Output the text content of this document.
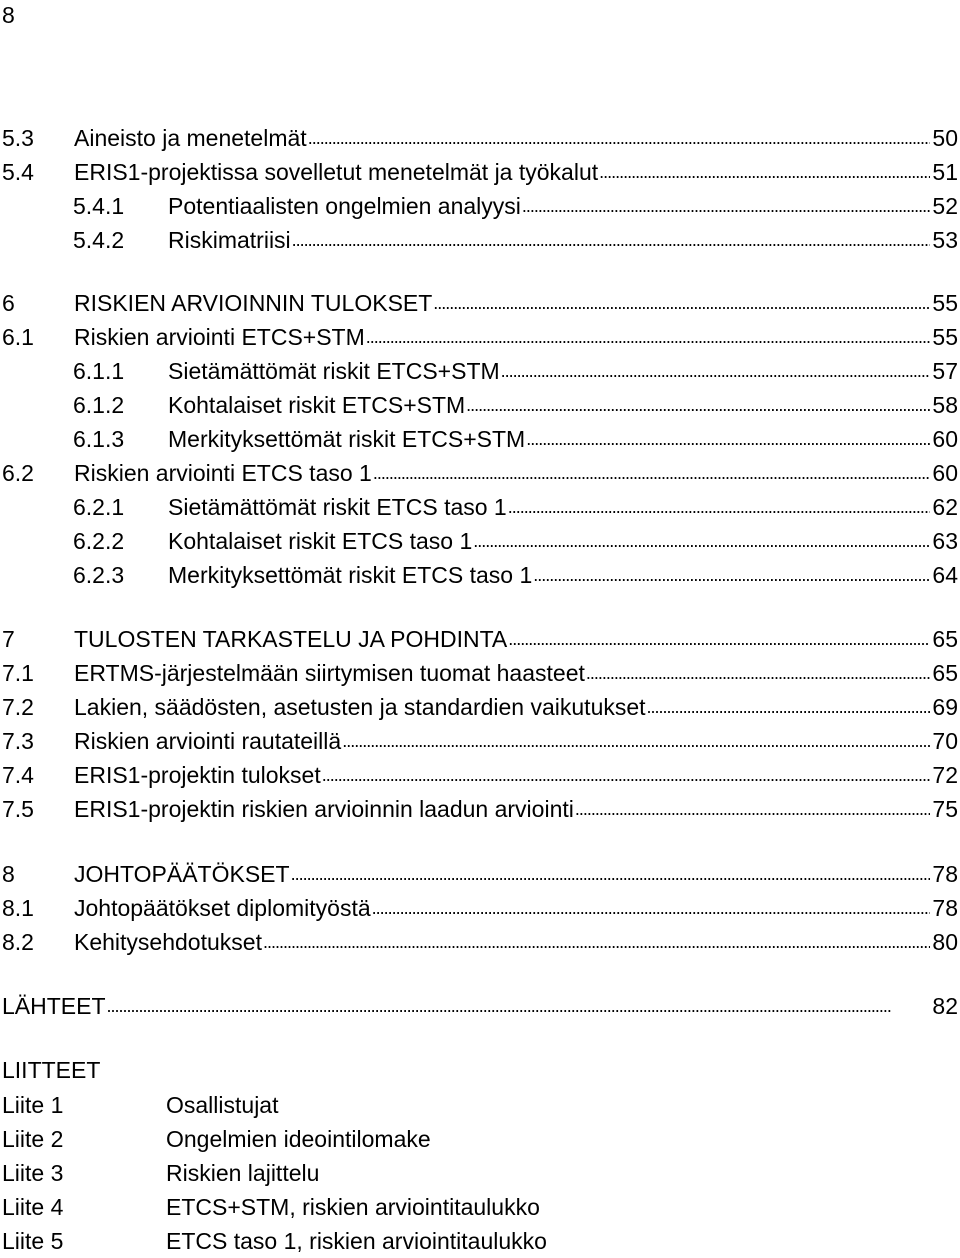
8
5.3	Aineisto ja menetelmät . . .	50
5.4	ERIS1-projektissa sovelletut menetelmät ja työkalut . . .	51
5.4.1	Potentiaalisten ongelmien analyysi . . .	52
5.4.2	Riskimatriisi . . .	53
6	RISKIEN ARVIOINNIN TULOKSET . . .	55
6.1	Riskien arviointi ETCS+STM . . .	55
6.1.1	Sietämättömät riskit ETCS+STM . . .	57
6.1.2	Kohtalaiset riskit ETCS+STM . . .	58
6.1.3	Merkityksettömät riskit ETCS+STM . . .	60
6.2	Riskien arviointi ETCS taso 1 . . .	60
6.2.1	Sietämättömät riskit ETCS taso 1 . . .	62
6.2.2	Kohtalaiset riskit ETCS taso 1 . . .	63
6.2.3	Merkityksettömät riskit ETCS taso 1 . . .	64
7	TULOSTEN TARKASTELU JA POHDINTA . . .	65
7.1	ERTMS-järjestelmään siirtymisen tuomat haasteet . . .	65
7.2	Lakien, säädösten, asetusten ja standardien vaikutukset . . .	69
7.3	Riskien arviointi rautateillä . . .	70
7.4	ERIS1-projektin tulokset . . .	72
7.5	ERIS1-projektin riskien arvioinnin laadun arviointi . . .	75
8	JOHTOPÄÄTÖKSET . . .	78
8.1	Johtopäätökset diplomityöstä . . .	78
8.2	Kehitysehdotukset . . .	80
LÄHTEET . . .	82
LIITTEET
Liite 1	Osallistujat
Liite 2	Ongelmien ideointilomake
Liite 3	Riskien lajittelu
Liite 4	ETCS+STM, riskien arviointitaulukko
Liite 5	ETCS taso 1, riskien arviointitaulukko
